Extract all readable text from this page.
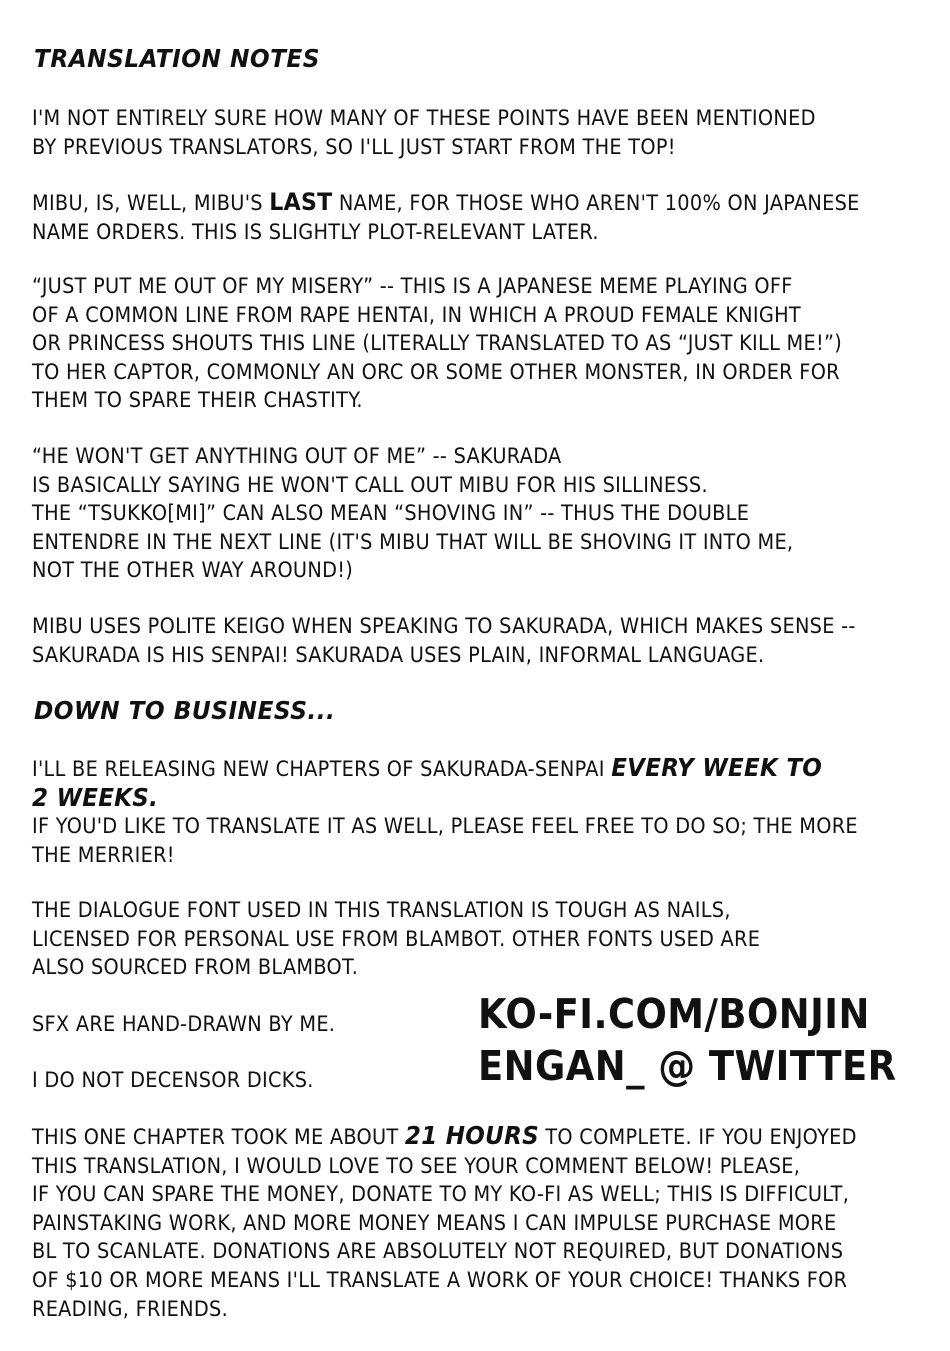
TRANSLATION NOTES
I'M NOT ENTIRELY SURE HOW MANY OF THESE POINTS HAVE BEEN MENTIONED
BY PREVIOUS TRANSLATORS, SO I'LL JUST START FROM THE TOP!
MIBU, IS, WELL, MIBU'S LAST NAME, FOR THOSE WHO AREN'T 100% ON JAPANESE
NAME ORDERS. THIS IS SLIGHTLY PLOT-RELEVANT LATER.
“JUST PUT ME OUT OF MY MISERY” -- THIS IS A JAPANESE MEME PLAYING OFF
OF A COMMON LINE FROM RAPE HENTAI, IN WHICH A PROUD FEMALE KNIGHT
OR PRINCESS SHOUTS THIS LINE (LITERALLY TRANSLATED TO AS “JUST KILL ME!”)
TO HER CAPTOR, COMMONLY AN ORC OR SOME OTHER MONSTER, IN ORDER FOR
THEM TO SPARE THEIR CHASTITY.
“HE WON'T GET ANYTHING OUT OF ME” -- SAKURADA
IS BASICALLY SAYING HE WON'T CALL OUT MIBU FOR HIS SILLINESS.
THE “TSUKKO[MI]” CAN ALSO MEAN “SHOVING IN” -- THUS THE DOUBLE
ENTENDRE IN THE NEXT LINE (IT'S MIBU THAT WILL BE SHOVING IT INTO ME,
NOT THE OTHER WAY AROUND!)
MIBU USES POLITE KEIGO WHEN SPEAKING TO SAKURADA, WHICH MAKES SENSE --
SAKURADA IS HIS SENPAI! SAKURADA USES PLAIN, INFORMAL LANGUAGE.
DOWN TO BUSINESS...
I'LL BE RELEASING NEW CHAPTERS OF SAKURADA-SENPAI EVERY WEEK TO
2 WEEKS.
IF YOU'D LIKE TO TRANSLATE IT AS WELL, PLEASE FEEL FREE TO DO SO; THE MORE
THE MERRIER!
THE DIALOGUE FONT USED IN THIS TRANSLATION IS TOUGH AS NAILS,
LICENSED FOR PERSONAL USE FROM BLAMBOT. OTHER FONTS USED ARE
ALSO SOURCED FROM BLAMBOT.
SFX ARE HAND-DRAWN BY ME.
I DO NOT DECENSOR DICKS.
KO-FI.COM/BONJIN
ENGAN_ @ TWITTER
THIS ONE CHAPTER TOOK ME ABOUT 21 HOURS TO COMPLETE. IF YOU ENJOYED
THIS TRANSLATION, I WOULD LOVE TO SEE YOUR COMMENT BELOW! PLEASE,
IF YOU CAN SPARE THE MONEY, DONATE TO MY KO-FI AS WELL; THIS IS DIFFICULT,
PAINSTAKING WORK, AND MORE MONEY MEANS I CAN IMPULSE PURCHASE MORE
BL TO SCANLATE. DONATIONS ARE ABSOLUTELY NOT REQUIRED, BUT DONATIONS
OF $10 OR MORE MEANS I'LL TRANSLATE A WORK OF YOUR CHOICE! THANKS FOR
READING, FRIENDS.
